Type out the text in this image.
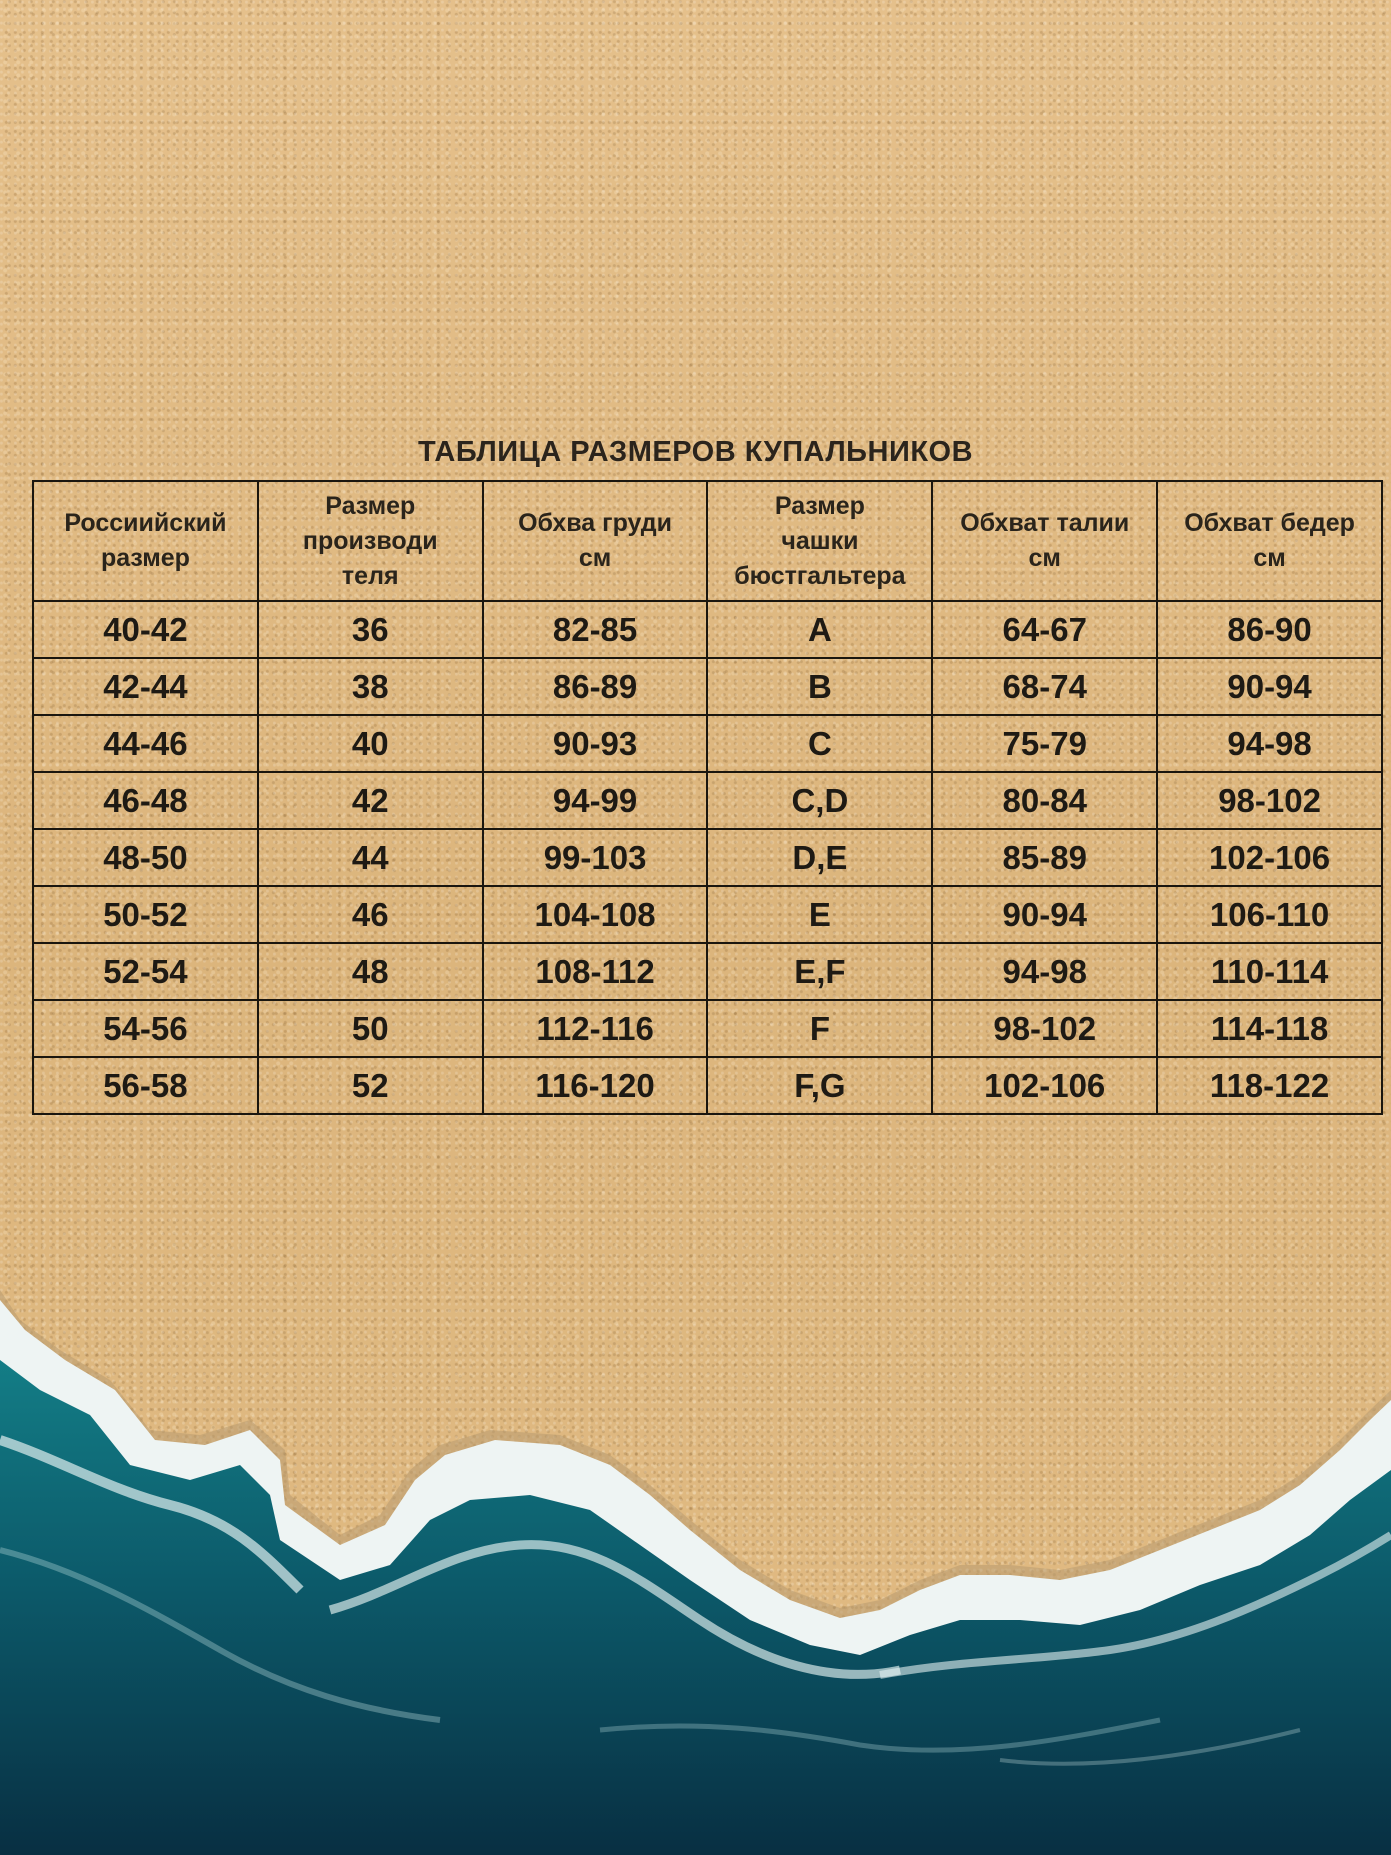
ТАБЛИЦА РАЗМЕРОВ КУПАЛЬНИКОВ
Россиийский
размер	Размер
производи
теля	Обхва груди
см	Размер
чашки
бюстгальтера	Обхват талии
см	Обхват бедер
см
40-42	36	82-85	A	64-67	86-90
42-44	38	86-89	B	68-74	90-94
44-46	40	90-93	C	75-79	94-98
46-48	42	94-99	C,D	80-84	98-102
48-50	44	99-103	D,E	85-89	102-106
50-52	46	104-108	E	90-94	106-110
52-54	48	108-112	E,F	94-98	110-114
54-56	50	112-116	F	98-102	114-118
56-58	52	116-120	F,G	102-106	118-122
